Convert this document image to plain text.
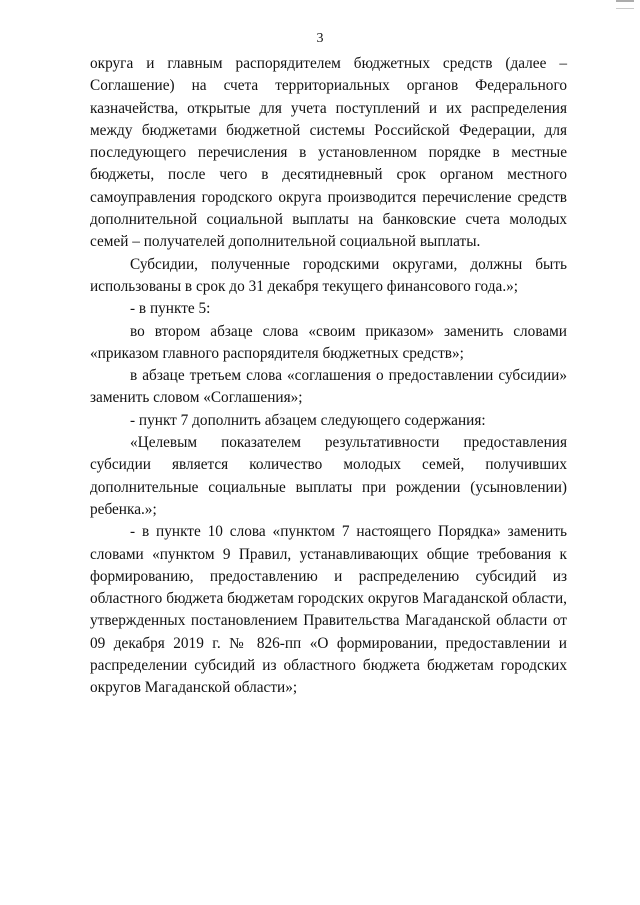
3

округа и главным распорядителем бюджетных средств (далее – Соглашение) на счета территориальных органов Федерального казначейства, открытые для учета поступлений и их распределения между бюджетами бюджетной системы Российской Федерации, для последующего перечисления в установленном порядке в местные бюджеты, после чего в десятидневный срок органом местного самоуправления городского округа производится перечисление средств дополнительной социальной выплаты на банковские счета молодых семей – получателей дополнительной социальной выплаты.

Субсидии, полученные городскими округами, должны быть использованы в срок до 31 декабря текущего финансового года.»;

- в пункте 5:

во втором абзаце слова «своим приказом» заменить словами «приказом главного распорядителя бюджетных средств»;

в абзаце третьем слова «соглашения о предоставлении субсидии» заменить словом «Соглашения»;

- пункт 7 дополнить абзацем следующего содержания:

«Целевым показателем результативности предоставления субсидии является количество молодых семей, получивших дополнительные социальные выплаты при рождении (усыновлении) ребенка.»;

- в пункте 10 слова «пунктом 7 настоящего Порядка» заменить словами «пунктом 9 Правил, устанавливающих общие требования к формированию, предоставлению и распределению субсидий из областного бюджета бюджетам городских округов Магаданской области, утвержденных постановлением Правительства Магаданской области от 09 декабря 2019 г. № 826-пп «О формировании, предоставлении и распределении субсидий из областного бюджета бюджетам городских округов Магаданской области»;
